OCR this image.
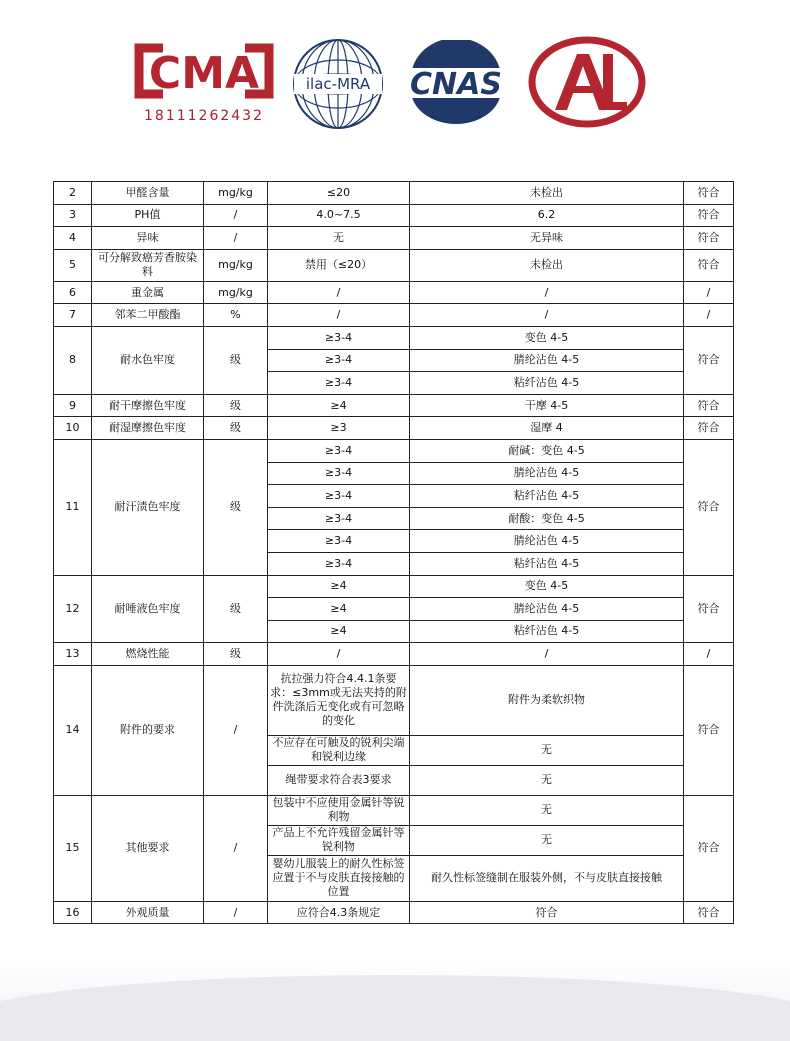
CMA
18111262432
ilac-MRA CNAS
2	甲醛含量	mg/kg	≤20	未检出	符合
3	PH值	/	4.0~7.5	6.2	符合
4	异味	/	无	无异味	符合
5	可分解致癌芳香胺染料	mg/kg	禁用（≤20）	未检出	符合
6	重金属	mg/kg	/	/	/
7	邻苯二甲酸酯	%	/	/	/
8	耐水色牢度	级	≥3-4	变色 4-5	符合
			≥3-4	腈纶沾色 4-5	
			≥3-4	粘纤沾色 4-5	
9	耐干摩擦色牢度	级	≥4	干摩 4-5	符合
10	耐湿摩擦色牢度	级	≥3	湿摩 4	符合
11	耐汗渍色牢度	级	≥3-4	耐碱：变色 4-5	符合
			≥3-4	腈纶沾色 4-5	
			≥3-4	粘纤沾色 4-5	
			≥3-4	耐酸：变色 4-5	
			≥3-4	腈纶沾色 4-5	
			≥3-4	粘纤沾色 4-5	
12	耐唾液色牢度	级	≥4	变色 4-5	符合
			≥4	腈纶沾色 4-5	
			≥4	粘纤沾色 4-5	
13	燃烧性能	级	/	/	/
14	附件的要求	/	抗拉强力符合4.4.1条要求：≤3mm或无法夹持的附件洗涤后无变化或有可忽略的变化	附件为柔软织物	符合
			不应存在可触及的锐利尖端和锐利边缘	无	
			绳带要求符合表3要求	无	
15	其他要求	/	包装中不应使用金属针等锐利物	无	符合
			产品上不允许残留金属针等锐利物	无	
			婴幼儿服装上的耐久性标签应置于不与皮肤直接接触的位置	耐久性标签缝制在服装外侧，不与皮肤直接接触	
16	外观质量	/	应符合4.3条规定	符合	符合
